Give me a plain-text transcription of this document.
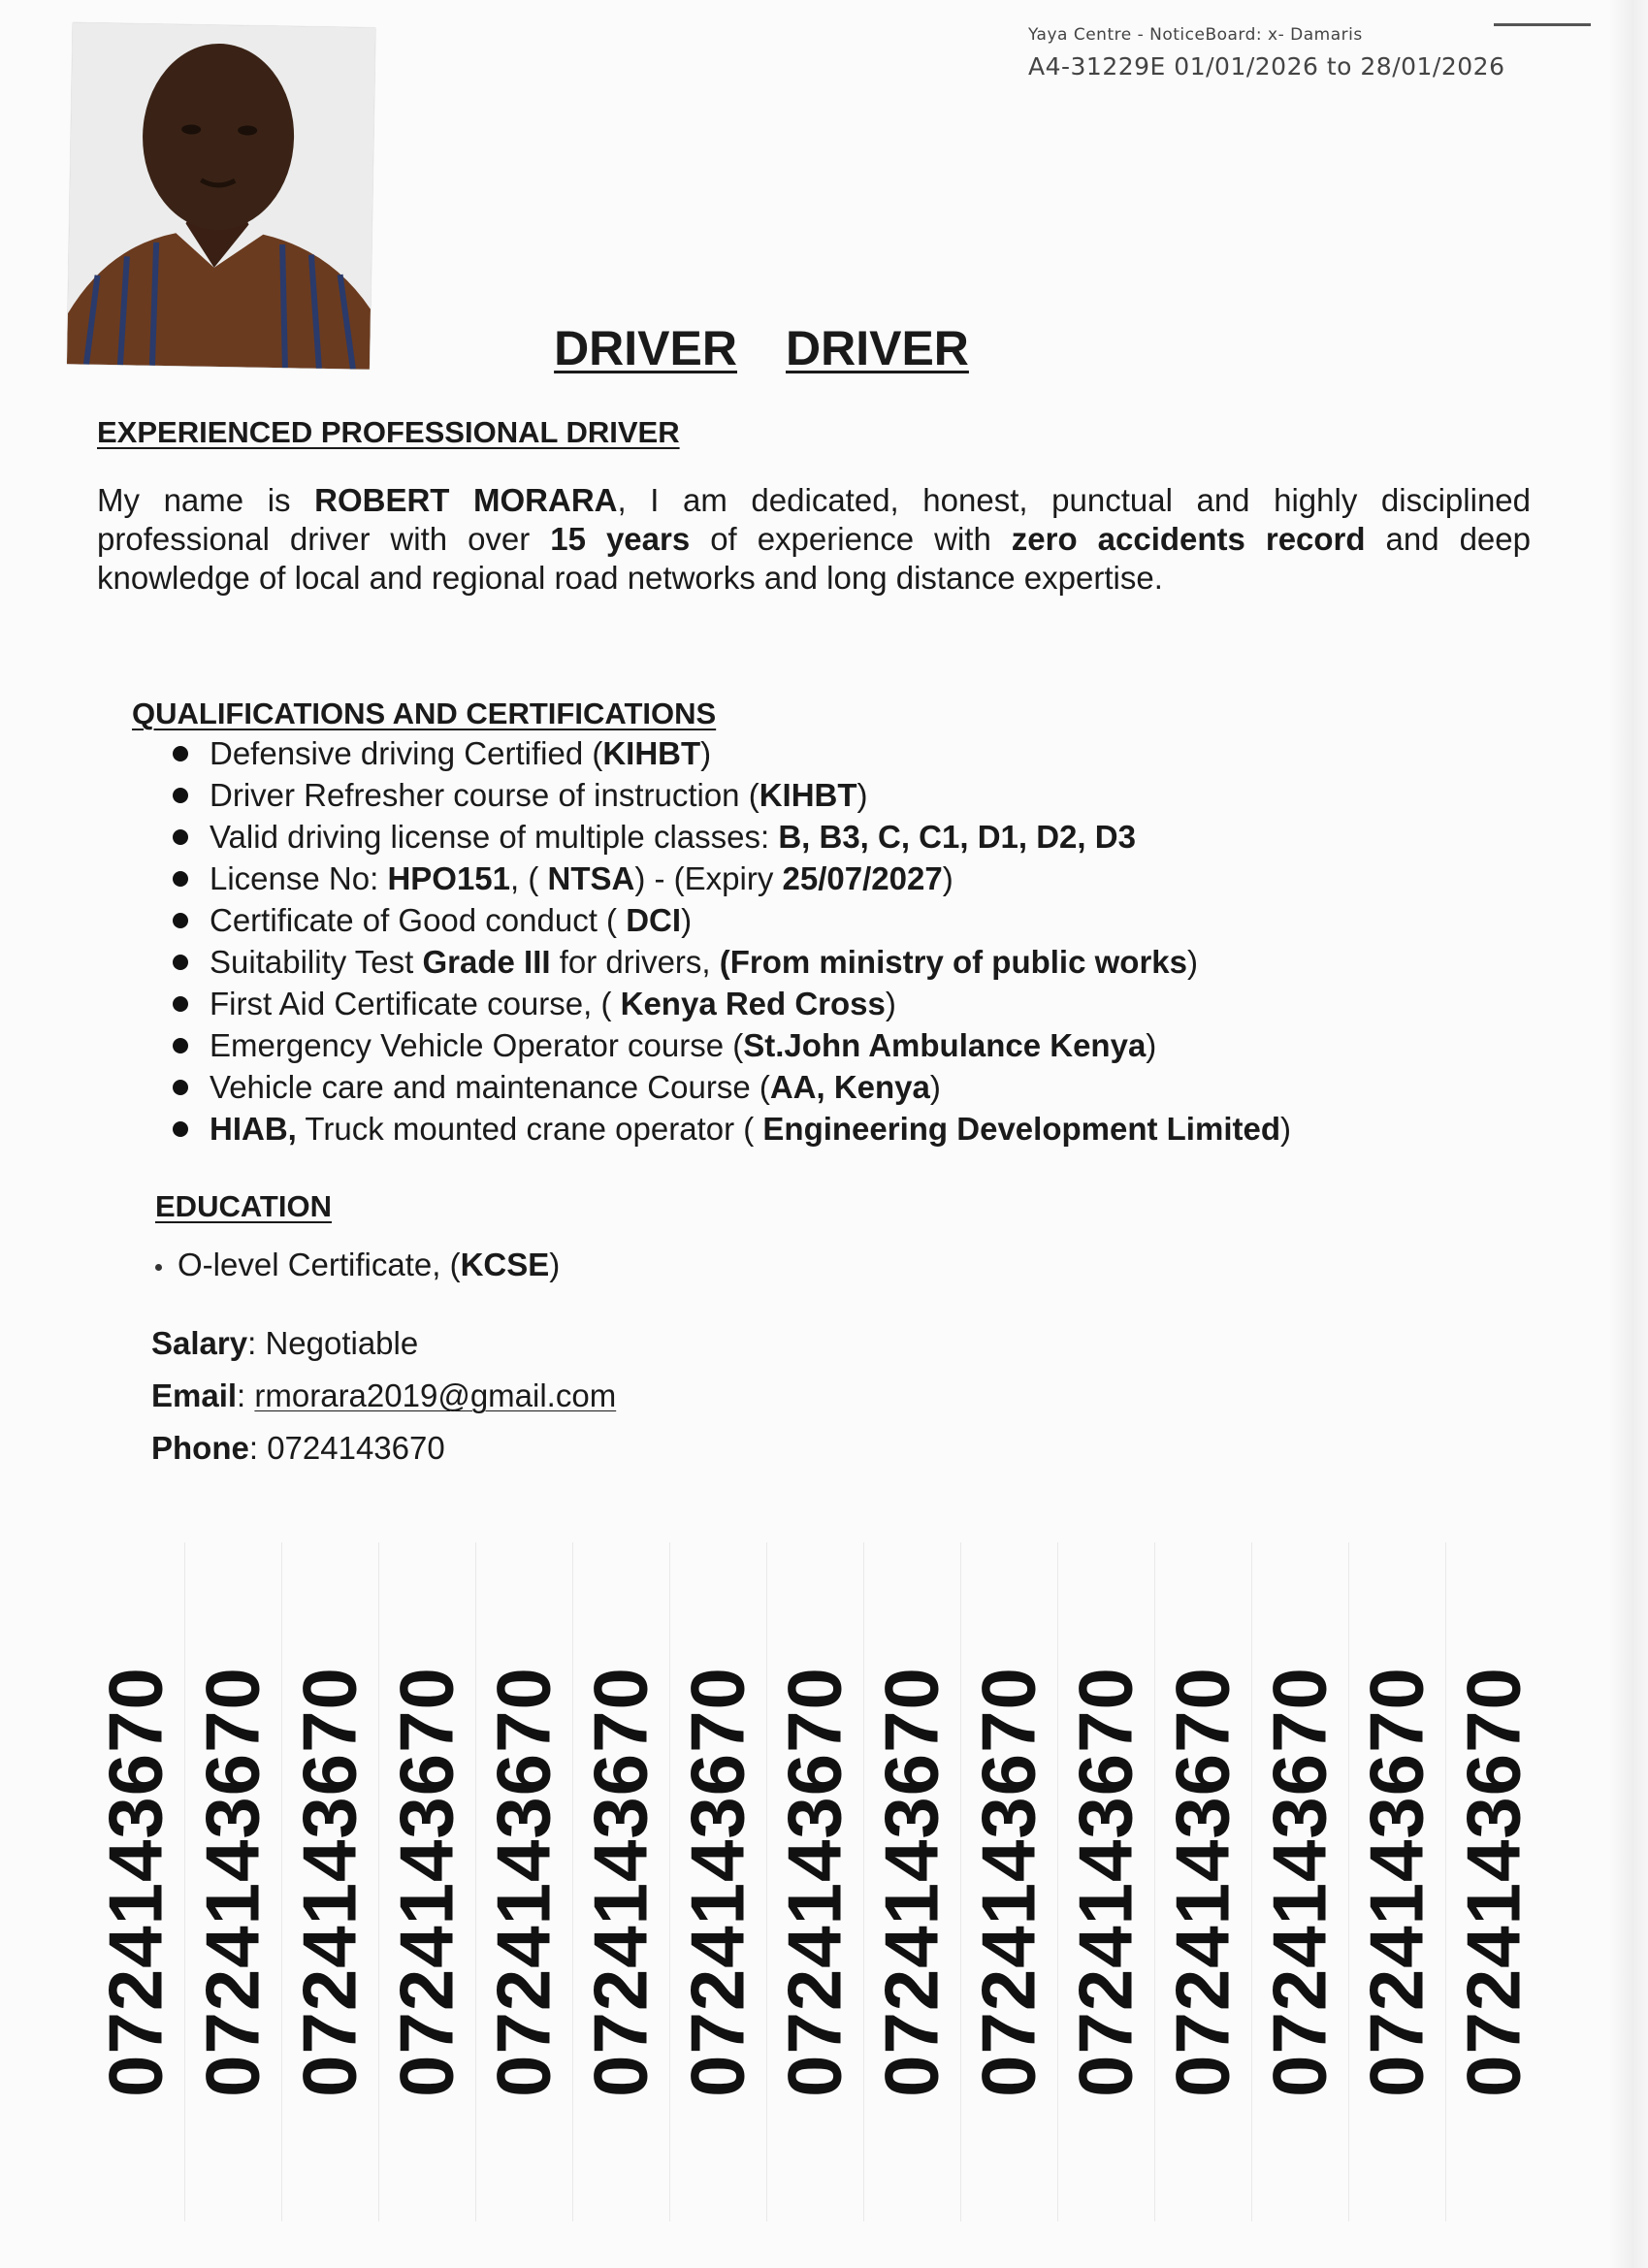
Yaya Centre - NoticeBoard: x- Damaris
A4-31229E 01/01/2026 to 28/01/2026
DRIVER DRIVER
EXPERIENCED PROFESSIONAL DRIVER
My name is ROBERT MORARA, I am dedicated, honest, punctual and highly disciplined professional driver with over 15 years of experience with zero accidents record and deep knowledge of local and regional road networks and long distance expertise.
QUALIFICATIONS AND CERTIFICATIONS
Defensive driving Certified (KIHBT)
Driver Refresher course of instruction (KIHBT)
Valid driving license of multiple classes: B, B3, C, C1, D1, D2, D3
License No: HPO151, ( NTSA) - (Expiry 25/07/2027)
Certificate of Good conduct ( DCI)
Suitability Test Grade III for drivers, (From ministry of public works)
First Aid Certificate course, ( Kenya Red Cross)
Emergency Vehicle Operator course (St.John Ambulance Kenya)
Vehicle care and maintenance Course (AA, Kenya)
HIAB, Truck mounted crane operator ( Engineering Development Limited)
EDUCATION
O-level Certificate, (KCSE)
Salary: Negotiable
Email: rmorara2019@gmail.com
Phone: 0724143670
0724143670 0724143670 0724143670 0724143670 0724143670 0724143670 0724143670 0724143670 0724143670 0724143670 0724143670 0724143670 0724143670 0724143670 0724143670
